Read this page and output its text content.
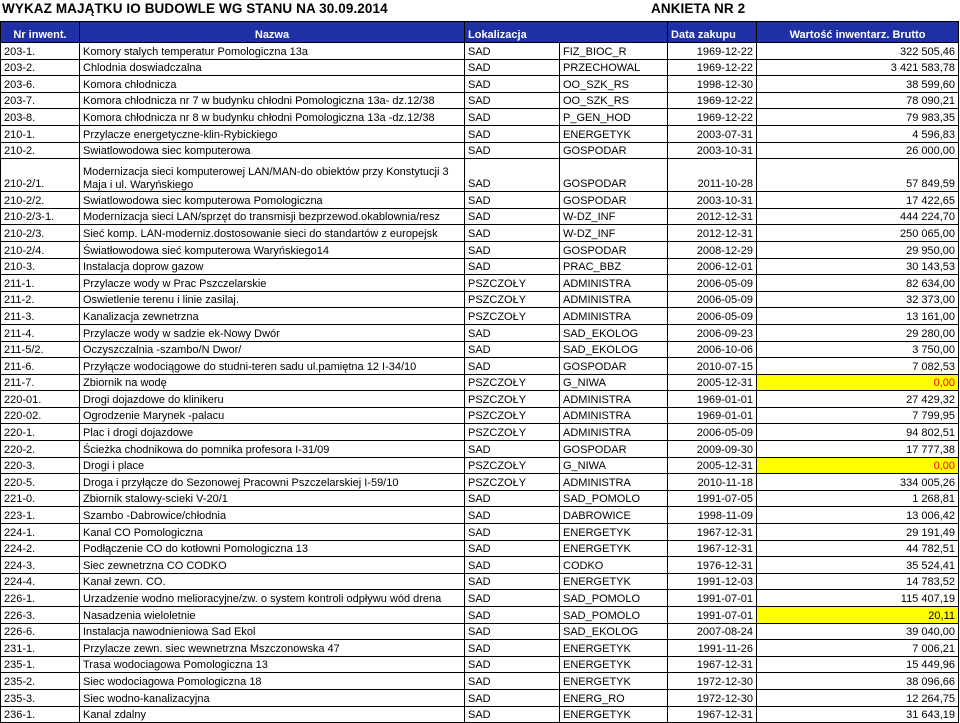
WYKAZ MAJĄTKU IO BUDOWLE WG STANU NA 30.09.2014	ANKIETA NR 2
Nr inwent.	Nazwa	Lokalizacja		Data zakupu	Wartość inwentarz. Brutto
203-1.	Komory stalych temperatur Pomologiczna 13a	SAD	FIZ_BIOC_R	1969-12-22	322 505,46
203-2.	Chlodnia doswiadczalna	SAD	PRZECHOWAL	1969-12-22	3 421 583,78
203-6.	Komora chłodnicza	SAD	OO_SZK_RS	1998-12-30	38 599,60
203-7.	Komora chłodnicza nr 7 w budynku chłodni Pomologiczna 13a- dz.12/38	SAD	OO_SZK_RS	1969-12-22	78 090,21
203-8.	Komora chłodnicza nr 8 w budynku chłodni Pomologiczna 13a -dz.12/38	SAD	P_GEN_HOD	1969-12-22	79 983,35
210-1.	Przylacze energetyczne-klin-Rybickiego	SAD	ENERGETYK	2003-07-31	4 596,83
210-2.	Swiatlowodowa siec komputerowa	SAD	GOSPODAR	2003-10-31	26 000,00
210-2/1.	Modernizacja sieci komputerowej LAN/MAN-do obiektów przy Konstytucji 3 Maja i ul. Waryńskiego	SAD	GOSPODAR	2011-10-28	57 849,59
210-2/2.	Swiatlowodowa siec komputerowa Pomologiczna	SAD	GOSPODAR	2003-10-31	17 422,65
210-2/3-1.	Modernizacja sieci LAN/sprzęt do transmisji bezprzewod.okablownia/resz	SAD	W-DZ_INF	2012-12-31	444 224,70
210-2/3.	Sieć komp. LAN-moderniz.dostosowanie sieci do standartów z europejsk	SAD	W-DZ_INF	2012-12-31	250 065,00
210-2/4.	Światłowodowa sieć komputerowa Waryńskiego14	SAD	GOSPODAR	2008-12-29	29 950,00
210-3.	Instalacja doprow gazow	SAD	PRAC_BBZ	2006-12-01	30 143,53
211-1.	Przylacze wody w Prac Pszczelarskie	PSZCZOŁY	ADMINISTRA	2006-05-09	82 634,00
211-2.	Oswietlenie terenu i linie zasilaj.	PSZCZOŁY	ADMINISTRA	2006-05-09	32 373,00
211-3.	Kanalizacja zewnetrzna	PSZCZOŁY	ADMINISTRA	2006-05-09	13 161,00
211-4.	Przylacze wody w sadzie ek-Nowy Dwór	SAD	SAD_EKOLOG	2006-09-23	29 280,00
211-5/2.	Oczyszczalnia -szambo/N Dwor/	SAD	SAD_EKOLOG	2006-10-06	3 750,00
211-6.	Przyłącze wodociągowe do studni-teren sadu ul.pamiętna 12 I-34/10	SAD	GOSPODAR	2010-07-15	7 082,53
211-7.	Zbiornik na wodę	PSZCZOŁY	G_NIWA	2005-12-31	0,00
220-01.	Drogi dojazdowe do klinikeru	PSZCZOŁY	ADMINISTRA	1969-01-01	27 429,32
220-02.	Ogrodzenie Marynek -palacu	PSZCZOŁY	ADMINISTRA	1969-01-01	7 799,95
220-1.	Plac i drogi dojazdowe	PSZCZOŁY	ADMINISTRA	2006-05-09	94 802,51
220-2.	Ścieżka chodnikowa do pomnika profesora I-31/09	SAD	GOSPODAR	2009-09-30	17 777,38
220-3.	Drogi i place	PSZCZOŁY	G_NIWA	2005-12-31	0,00
220-5.	Droga i przyłącze do Sezonowej Pracowni Pszczelarskiej I-59/10	PSZCZOŁY	ADMINISTRA	2010-11-18	334 005,26
221-0.	Zbiornik stalowy-scieki V-20/1	SAD	SAD_POMOLO	1991-07-05	1 268,81
223-1.	Szambo -Dabrowice/chłodnia	SAD	DABROWICE	1998-11-09	13 006,42
224-1.	Kanal CO Pomologiczna	SAD	ENERGETYK	1967-12-31	29 191,49
224-2.	Podłączenie CO do kotłowni Pomologiczna 13	SAD	ENERGETYK	1967-12-31	44 782,51
224-3.	Siec zewnetrzna CO CODKO	SAD	CODKO	1976-12-31	35 524,41
224-4.	Kanał zewn. CO.	SAD	ENERGETYK	1991-12-03	14 783,52
226-1.	Urzadzenie wodno melioracyjne/zw. o system kontroli odpływu wód drena	SAD	SAD_POMOLO	1991-07-01	115 407,19
226-3.	Nasadzenia wieloletnie	SAD	SAD_POMOLO	1991-07-01	20,11
226-6.	Instalacja nawodnieniowa Sad Ekol	SAD	SAD_EKOLOG	2007-08-24	39 040,00
231-1.	Przylacze zewn. siec wewnetrzna Mszczonowska 47	SAD	ENERGETYK	1991-11-26	7 006,21
235-1.	Trasa wodociagowa Pomologiczna 13	SAD	ENERGETYK	1967-12-31	15 449,96
235-2.	Siec wodociagowa Pomologiczna 18	SAD	ENERGETYK	1972-12-30	38 096,66
235-3.	Siec wodno-kanalizacyjna	SAD	ENERG_RO	1972-12-30	12 264,75
236-1.	Kanal zdalny	SAD	ENERGETYK	1967-12-31	31 643,19
